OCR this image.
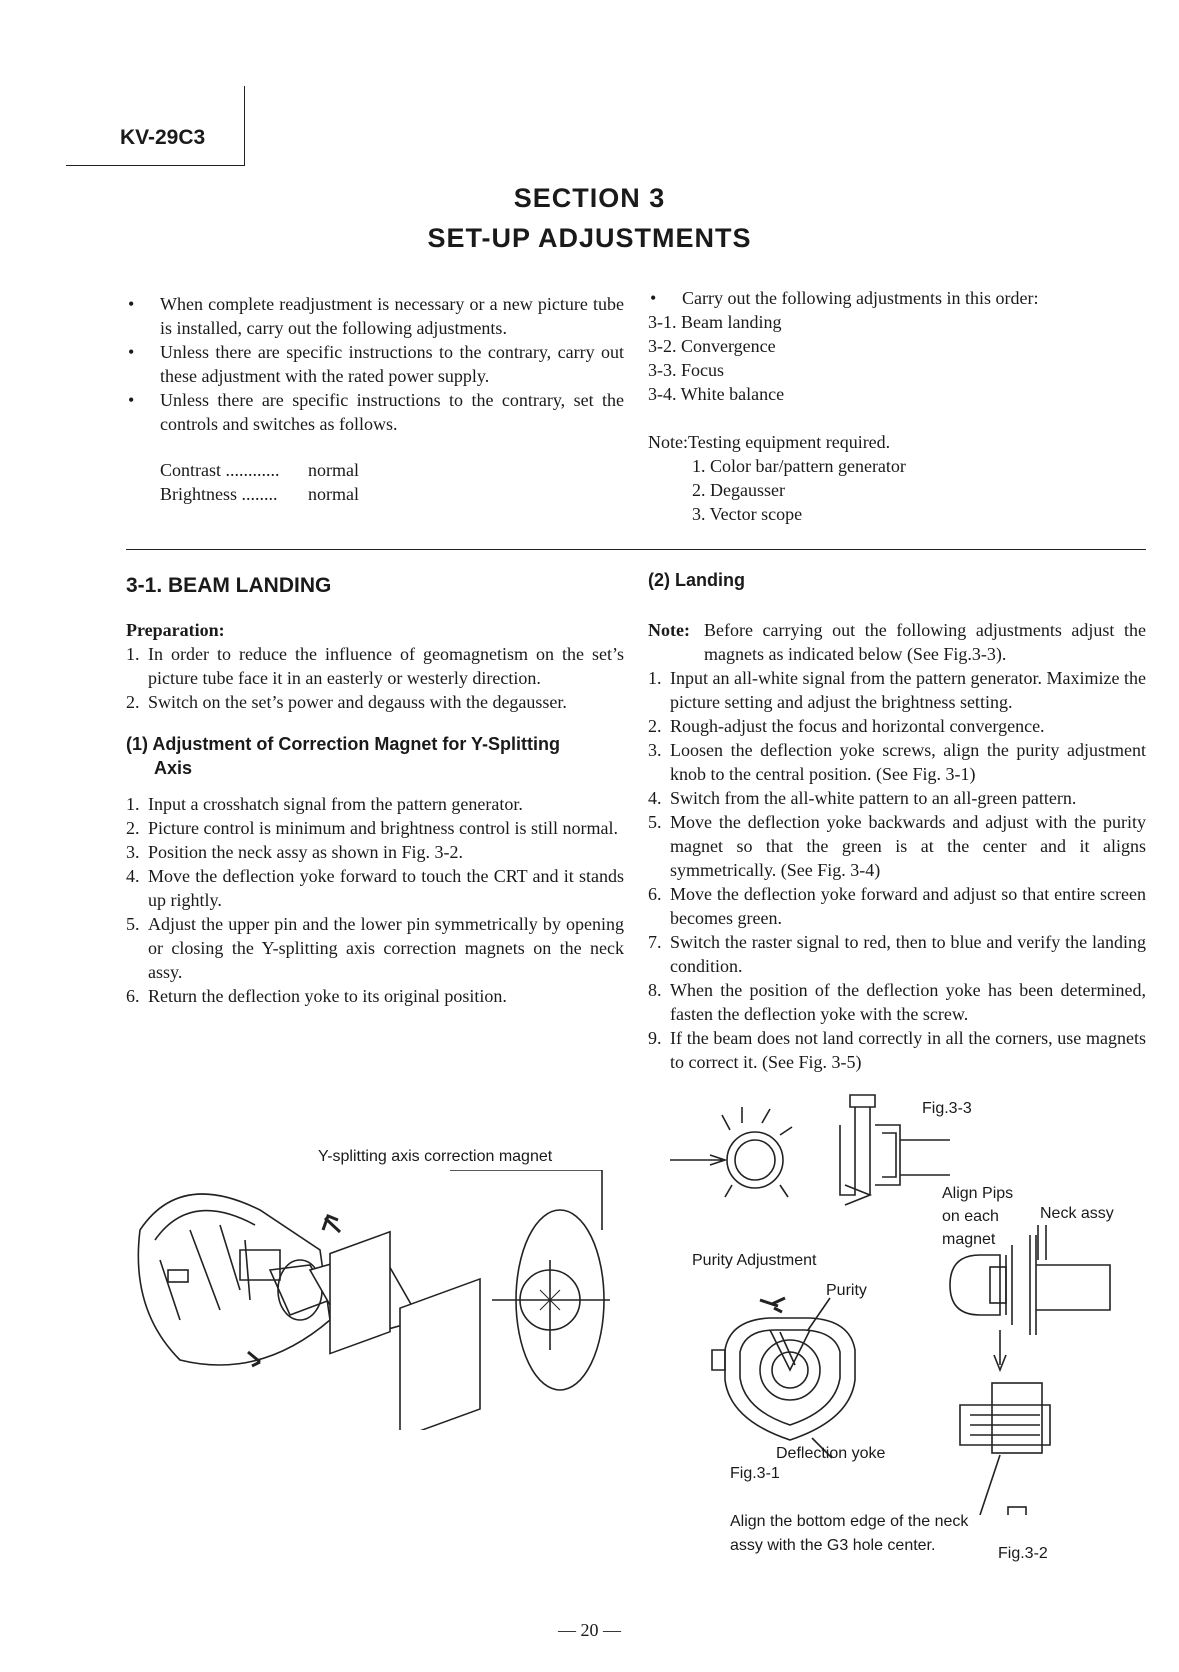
KV-29C3
SECTION 3
SET-UP ADJUSTMENTS
• When complete readjustment is necessary or a new picture tube is installed, carry out the following adjustments.
• Unless there are specific instructions to the contrary, carry out these adjustment with the rated power supply.
• Unless there are specific instructions to the contrary, set the controls and switches as follows.
Contrast ............ normal
Brightness ........ normal
• Carry out the following adjustments in this order:
3-1. Beam landing
3-2. Convergence
3-3. Focus
3-4. White balance
Note:Testing equipment required.
1. Color bar/pattern generator
2. Degausser
3. Vector scope
3-1. BEAM LANDING
Preparation:
1. In order to reduce the influence of geomagnetism on the set’s picture tube face it in an easterly or westerly direction.
2. Switch on the set’s power and degauss with the degausser.
(1) Adjustment of Correction Magnet for Y-Splitting
Axis
1. Input a crosshatch signal from the pattern generator.
2. Picture control is minimum and brightness control is still normal.
3. Position the neck assy as shown in Fig. 3-2.
4. Move the deflection yoke forward to touch the CRT and it stands up rightly.
5. Adjust the upper pin and the lower pin symmetrically by opening or closing the Y-splitting axis correction magnets on the neck assy.
6. Return the deflection yoke to its original position.
(2) Landing
Note: Before carrying out the following adjustments adjust the magnets as indicated below (See Fig.3-3).
1. Input an all-white signal from the pattern generator. Maximize the picture setting and adjust the brightness setting.
2. Rough-adjust the focus and horizontal convergence.
3. Loosen the deflection yoke screws, align the purity adjustment knob to the central position. (See Fig. 3-1)
4. Switch from the all-white pattern to an all-green pattern.
5. Move the deflection yoke backwards and adjust with the purity magnet so that the green is at the center and it aligns symmetrically. (See Fig. 3-4)
6. Move the deflection yoke forward and adjust so that entire screen becomes green.
7. Switch the raster signal to red, then to blue and verify the landing condition.
8. When the position of the deflection yoke has been determined, fasten the deflection yoke with the screw.
9. If the beam does not land correctly in all the corners, use magnets to correct it. (See Fig. 3-5)
Y-splitting axis correction magnet
Fig.3-3
Align Pips
on each
magnet
Neck assy
Purity Adjustment
Purity
Deflection yoke
Fig.3-1
Align the bottom edge of the neck
assy with the G3 hole center.	Fig.3-2
— 20 —
